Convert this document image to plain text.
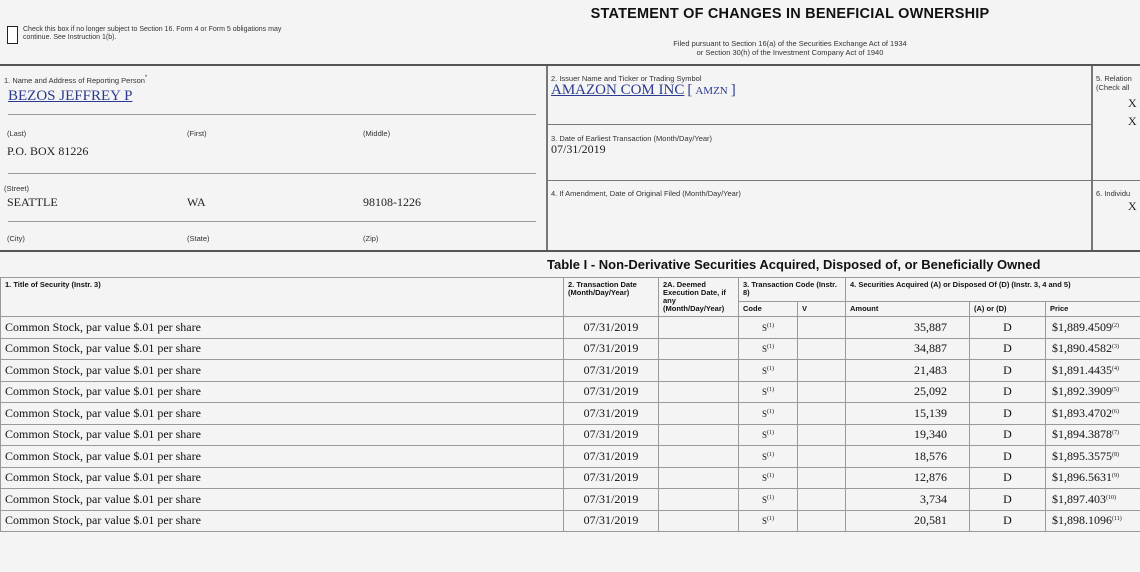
Check this box if no longer subject to Section 16. Form 4 or Form 5 obligations may continue. See Instruction 1(b).
STATEMENT OF CHANGES IN BENEFICIAL OWNERSHIP
Filed pursuant to Section 16(a) of the Securities Exchange Act of 1934
or Section 30(h) of the Investment Company Act of 1940
1. Name and Address of Reporting Person*
BEZOS JEFFREY P
(Last)	(First)	(Middle)
P.O. BOX 81226
(Street)
SEATTLE	WA	98108-1226
(City)	(State)	(Zip)
2. Issuer Name and Ticker or Trading Symbol
AMAZON COM INC [ AMZN ]
3. Date of Earliest Transaction (Month/Day/Year)
07/31/2019
4. If Amendment, Date of Original Filed (Month/Day/Year)
5. Relation
(Check all
X
X
6. Individu
X
Table I - Non-Derivative Securities Acquired, Disposed of, or Beneficially Owned
1. Title of Security (Instr. 3)	2. Transaction Date (Month/Day/Year)	2A. Deemed Execution Date, if any (Month/Day/Year)	3. Transaction Code (Instr. 8)		4. Securities Acquired (A) or Disposed Of (D) (Instr. 3, 4 and 5)		
			Code	V	Amount	(A) or (D)	Price
Common Stock, par value $.01 per share	07/31/2019		$S^{(1)}$		35,887	D	$1,889.4509$^{(2)}$
Common Stock, par value $.01 per share	07/31/2019		$S^{(1)}$		34,887	D	$1,890.4582$^{(3)}$
Common Stock, par value $.01 per share	07/31/2019		$S^{(1)}$		21,483	D	$1,891.4435$^{(4)}$
Common Stock, par value $.01 per share	07/31/2019		$S^{(1)}$		25,092	D	$1,892.3909$^{(5)}$
Common Stock, par value $.01 per share	07/31/2019		$S^{(1)}$		15,139	D	$1,893.4702$^{(6)}$
Common Stock, par value $.01 per share	07/31/2019		$S^{(1)}$		19,340	D	$1,894.3878$^{(7)}$
Common Stock, par value $.01 per share	07/31/2019		$S^{(1)}$		18,576	D	$1,895.3575$^{(8)}$
Common Stock, par value $.01 per share	07/31/2019		$S^{(1)}$		12,876	D	$1,896.5631$^{(9)}$
Common Stock, par value $.01 per share	07/31/2019		$S^{(1)}$		3,734	D	$1,897.403$^{(10)}$
Common Stock, par value $.01 per share	07/31/2019		$S^{(1)}$		20,581	D	$1,898.1096$^{(11)}$
